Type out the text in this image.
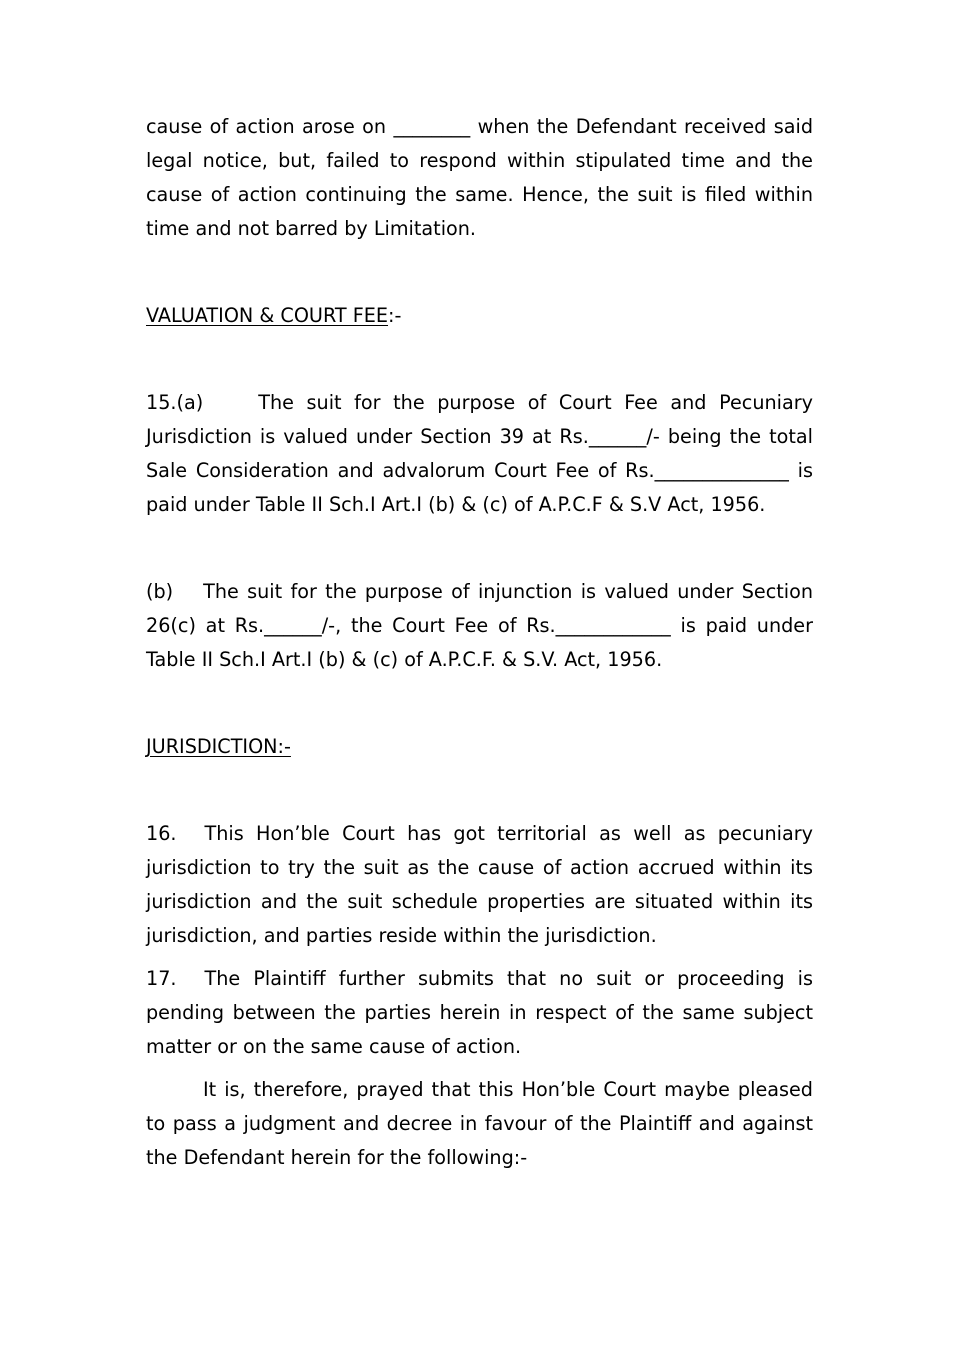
cause of action arose on ________ when the Defendant received said legal notice, but, failed to respond within stipulated time and the cause of action continuing the same. Hence, the suit is filed within time and not barred by Limitation.

VALUATION & COURT FEE:-

15.(a)	The suit for the purpose of Court Fee and Pecuniary Jurisdiction is valued under Section 39 at Rs.______/- being the total Sale Consideration and advalorum Court Fee of Rs.______________ is paid under Table II Sch.I Art.I (b) & (c) of A.P.C.F & S.V Act, 1956.

(b) The suit for the purpose of injunction is valued under Section 26(c) at Rs.______/-, the Court Fee of Rs.____________ is paid under Table II Sch.I Art.I (b) & (c) of A.P.C.F. & S.V. Act, 1956.

JURISDICTION:-

16. This Hon’ble Court has got territorial as well as pecuniary jurisdiction to try the suit as the cause of action accrued within its jurisdiction and the suit schedule properties are situated within its jurisdiction, and parties reside within the jurisdiction.

17. The Plaintiff further submits that no suit or proceeding is pending between the parties herein in respect of the same subject matter or on the same cause of action.

It is, therefore, prayed that this Hon’ble Court maybe pleased to pass a judgment and decree in favour of the Plaintiff and against the Defendant herein for the following:-
